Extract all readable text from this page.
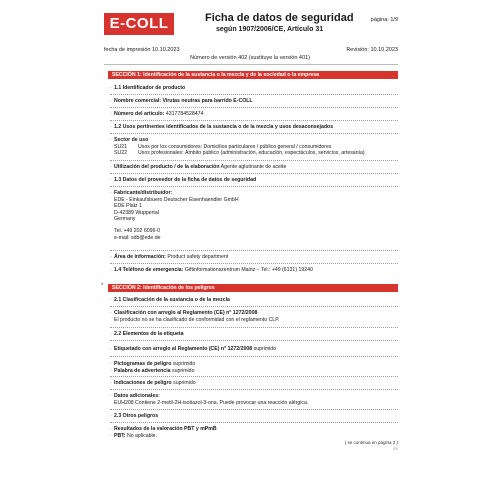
E-COLL	Ficha de datos de seguridad
según 1907/2006/CE, Artículo 31
página: 1/9
fecha de impresión 10.10.2023	Revisión: 10.10.2023
Número de versión 402 (sustituye la versión 401)
SECCIÓN 1: Identificación de la sustancia o la mezcla y de la sociedad o la empresa
· 1.1 Identificador de producto
· Nombre comercial: Virutas neutras para barrido E-COLL
· Número del artículo: 4317784528474
· 1.2 Usos pertinentes identificados de la sustancia o de la mezcla y usos desaconsejados
· Sector de uso
SU21	Usos por los consumidores: Domicilios particulares / público general / consumidores
SU22	Usos profesionales: Ámbito público (administración, educación, espectáculos, servicios, artesanía)
· Utilización del producto / de la elaboración Agente aglutinante de aceite
· 1.3 Datos del proveedor de la ficha de datos de seguridad
· Fabricante/distribuidor:
EDE - Einkaufsbuero Deutscher Eisenhaendler GmbH
EDE Platz 1
D-42389 Wuppertal
Germany
Tel. +49 202 6096-0
e-mail: sdb@ede.de
· Área de información: Product safety department
· 1.4 Teléfono de emergencia: Giftinformationszentrum Mainz – Tel.: +49 (6131) 19240
*	SECCIÓN 2: Identificación de los peligros
· 2.1 Clasificación de la sustancia o de la mezcla
· Clasificación con arreglo al Reglamento (CE) n° 1272/2008
El producto no se ha clasificado de conformidad con el reglamento CLP.
· 2.2 Elementos de la etiqueta
· Etiquetado con arreglo al Reglamento (CE) n° 1272/2008 suprimido
· Pictogramas de peligro suprimido
· Palabra de advertencia suprimido
· Indicaciones de peligro suprimido
· Datos adicionales:
EUH208 Contiene 2-metil-2H-isotiazol-3-ona. Puede provocar una reacción alérgica.
· 2.3 Otros peligros
· Resultados de la valoración PBT y mPmB
· PBT: No aplicable.
( se continua en página 2 )
ES
